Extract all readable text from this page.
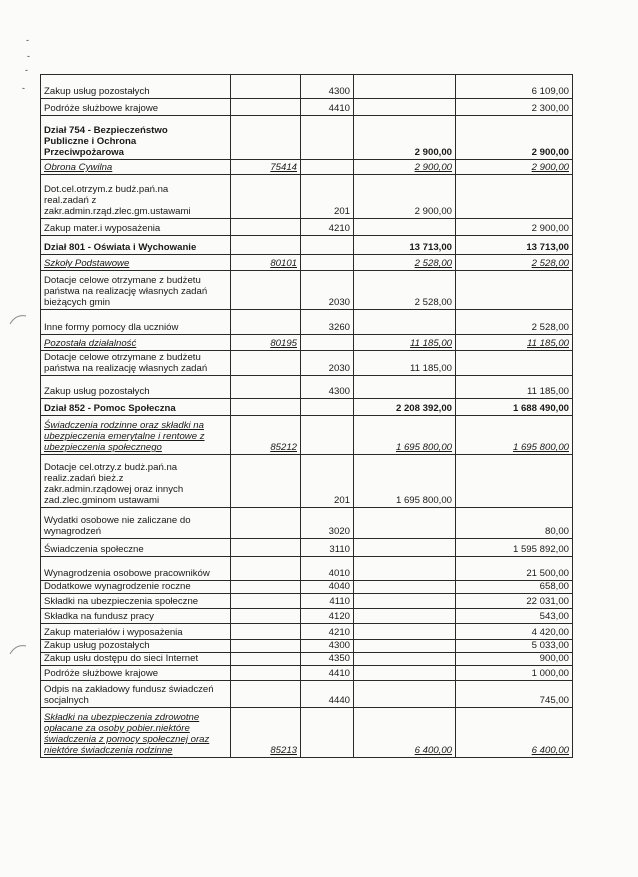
-
-
-
- Zakup usług pozostałych		4300		6 109,00
Podróże służbowe krajowe		4410		2 300,00
Dział 754 - Bezpieczeństwo
Publiczne i Ochrona
Przeciwpożarowa			2 900,00	2 900,00
Obrona Cywilna	75414		2 900,00	2 900,00
Dot.cel.otrzym.z budż.pań.na
real.zadań z
zakr.admin.rząd.zlec.gm.ustawami		201	2 900,00	
Zakup mater.i wyposażenia		4210		2 900,00
Dział 801 - Oświata i Wychowanie			13 713,00	13 713,00
Szkoły Podstawowe	80101		2 528,00	2 528,00
Dotacje celowe otrzymane z budżetu
państwa na realizację własnych zadań
bieżących gmin		2030	2 528,00	
Inne formy pomocy dla uczniów		3260		2 528,00
Pozostała działalność	80195		11 185,00	11 185,00
Dotacje celowe otrzymane z budżetu
państwa na realizację własnych zadań		2030	11 185,00	
Zakup usług pozostałych		4300		11 185,00
Dział 852 - Pomoc Społeczna			2 208 392,00	1 688 490,00
Świadczenia rodzinne oraz składki na
ubezpieczenia emerytalne i rentowe z
ubezpieczenia społecznego	85212		1 695 800,00	1 695 800,00
Dotacje cel.otrzy.z budż.pań.na
realiz.zadań bież.z
zakr.admin.rządowej oraz innych
zad.zlec.gminom ustawami		201	1 695 800,00	
Wydatki osobowe nie zaliczane do
wynagrodzeń		3020		80,00
Świadczenia społeczne		3110		1 595 892,00
Wynagrodzenia osobowe pracowników		4010		21 500,00
Dodatkowe wynagrodzenie roczne		4040		658,00
Składki na ubezpieczenia społeczne		4110		22 031,00
Składka na fundusz pracy		4120		543,00
Zakup materiałów i wyposażenia		4210		4 420,00
Zakup usług pozostałych		4300		5 033,00
Zakup usłu dostępu do sieci Internet		4350		900,00
Podróże służbowe krajowe		4410		1 000,00
Odpis na zakładowy fundusz świadczeń
socjalnych		4440		745,00
Składki na ubezpieczenia zdrowotne
opłacane za osoby pobier.niektóre
świadczenia z pomocy społecznej oraz
niektóre świadczenia rodzinne	85213		6 400,00	6 400,00
